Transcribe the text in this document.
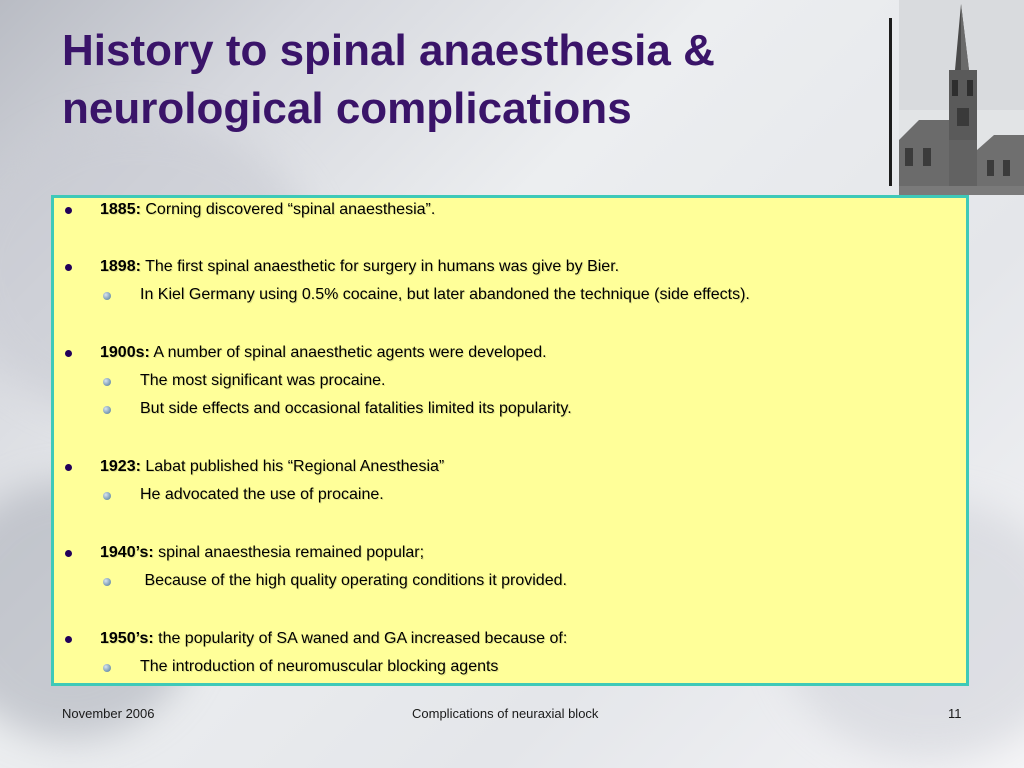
History to spinal anaesthesia &
neurological complications
1885: Corning discovered “spinal anaesthesia”.
1898: The first spinal anaesthetic for surgery in humans was give by Bier.
In Kiel Germany using 0.5% cocaine, but later abandoned the technique (side effects).
1900s: A number of spinal anaesthetic agents were developed.
The most significant was procaine.
But side effects and occasional fatalities limited its popularity.
1923: Labat published his “Regional Anesthesia”
He advocated the use of procaine.
1940’s: spinal anaesthesia remained popular;
Because of the high quality operating conditions it provided.
1950’s: the popularity of SA waned and GA increased because of:
The introduction of neuromuscular blocking agents
November 2006	Complications of neuraxial block	11
